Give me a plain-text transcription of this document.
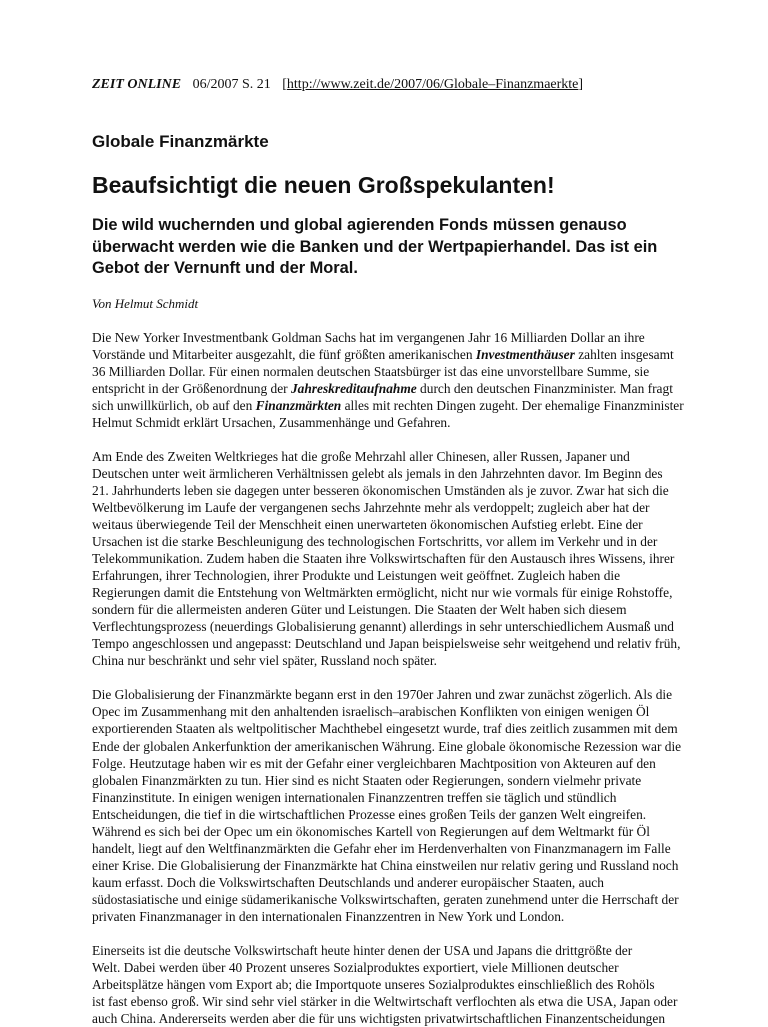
ZEIT ONLINE 06/2007 S. 21 [http://www.zeit.de/2007/06/Globale–Finanzmaerkte]
Globale Finanzmärkte
Beaufsichtigt die neuen Großspekulanten!
Die wild wuchernden und global agierenden Fonds müssen genauso
überwacht werden wie die Banken und der Wertpapierhandel. Das ist ein
Gebot der Vernunft und der Moral.
Von Helmut Schmidt
Die New Yorker Investmentbank Goldman Sachs hat im vergangenen Jahr 16 Milliarden Dollar an ihre
Vorstände und Mitarbeiter ausgezahlt, die fünf größten amerikanischen Investmenthäuser zahlten insgesamt
36 Milliarden Dollar. Für einen normalen deutschen Staatsbürger ist das eine unvorstellbare Summe, sie
entspricht in der Größenordnung der Jahreskreditaufnahme durch den deutschen Finanzminister. Man fragt
sich unwillkürlich, ob auf den Finanzmärkten alles mit rechten Dingen zugeht. Der ehemalige Finanzminister
Helmut Schmidt erklärt Ursachen, Zusammenhänge und Gefahren.
Am Ende des Zweiten Weltkrieges hat die große Mehrzahl aller Chinesen, aller Russen, Japaner und
Deutschen unter weit ärmlicheren Verhältnissen gelebt als jemals in den Jahrzehnten davor. Im Beginn des
21. Jahrhunderts leben sie dagegen unter besseren ökonomischen Umständen als je zuvor. Zwar hat sich die
Weltbevölkerung im Laufe der vergangenen sechs Jahrzehnte mehr als verdoppelt; zugleich aber hat der
weitaus überwiegende Teil der Menschheit einen unerwarteten ökonomischen Aufstieg erlebt. Eine der
Ursachen ist die starke Beschleunigung des technologischen Fortschritts, vor allem im Verkehr und in der
Telekommunikation. Zudem haben die Staaten ihre Volkswirtschaften für den Austausch ihres Wissens, ihrer
Erfahrungen, ihrer Technologien, ihrer Produkte und Leistungen weit geöffnet. Zugleich haben die
Regierungen damit die Entstehung von Weltmärkten ermöglicht, nicht nur wie vormals für einige Rohstoffe,
sondern für die allermeisten anderen Güter und Leistungen. Die Staaten der Welt haben sich diesem
Verflechtungsprozess (neuerdings Globalisierung genannt) allerdings in sehr unterschiedlichem Ausmaß und
Tempo angeschlossen und angepasst: Deutschland und Japan beispielsweise sehr weitgehend und relativ früh,
China nur beschränkt und sehr viel später, Russland noch später.
Die Globalisierung der Finanzmärkte begann erst in den 1970er Jahren und zwar zunächst zögerlich. Als die
Opec im Zusammenhang mit den anhaltenden israelisch–arabischen Konflikten von einigen wenigen Öl
exportierenden Staaten als weltpolitischer Machthebel eingesetzt wurde, traf dies zeitlich zusammen mit dem
Ende der globalen Ankerfunktion der amerikanischen Währung. Eine globale ökonomische Rezession war die
Folge. Heutzutage haben wir es mit der Gefahr einer vergleichbaren Machtposition von Akteuren auf den
globalen Finanzmärkten zu tun. Hier sind es nicht Staaten oder Regierungen, sondern vielmehr private
Finanzinstitute. In einigen wenigen internationalen Finanzzentren treffen sie täglich und stündlich
Entscheidungen, die tief in die wirtschaftlichen Prozesse eines großen Teils der ganzen Welt eingreifen.
Während es sich bei der Opec um ein ökonomisches Kartell von Regierungen auf dem Weltmarkt für Öl
handelt, liegt auf den Weltfinanzmärkten die Gefahr eher im Herdenverhalten von Finanzmanagern im Falle
einer Krise. Die Globalisierung der Finanzmärkte hat China einstweilen nur relativ gering und Russland noch
kaum erfasst. Doch die Volkswirtschaften Deutschlands und anderer europäischer Staaten, auch
südostasiatische und einige südamerikanische Volkswirtschaften, geraten zunehmend unter die Herrschaft der
privaten Finanzmanager in den internationalen Finanzzentren in New York und London.
Einerseits ist die deutsche Volkswirtschaft heute hinter denen der USA und Japans die drittgrößte der
Welt. Dabei werden über 40 Prozent unseres Sozialproduktes exportiert, viele Millionen deutscher
Arbeitsplätze hängen vom Export ab; die Importquote unseres Sozialproduktes einschließlich des Rohöls
ist fast ebenso groß. Wir sind sehr viel stärker in die Weltwirtschaft verflochten als etwa die USA, Japan oder
auch China. Andererseits werden aber die für uns wichtigsten privatwirtschaftlichen Finanzentscheidungen
